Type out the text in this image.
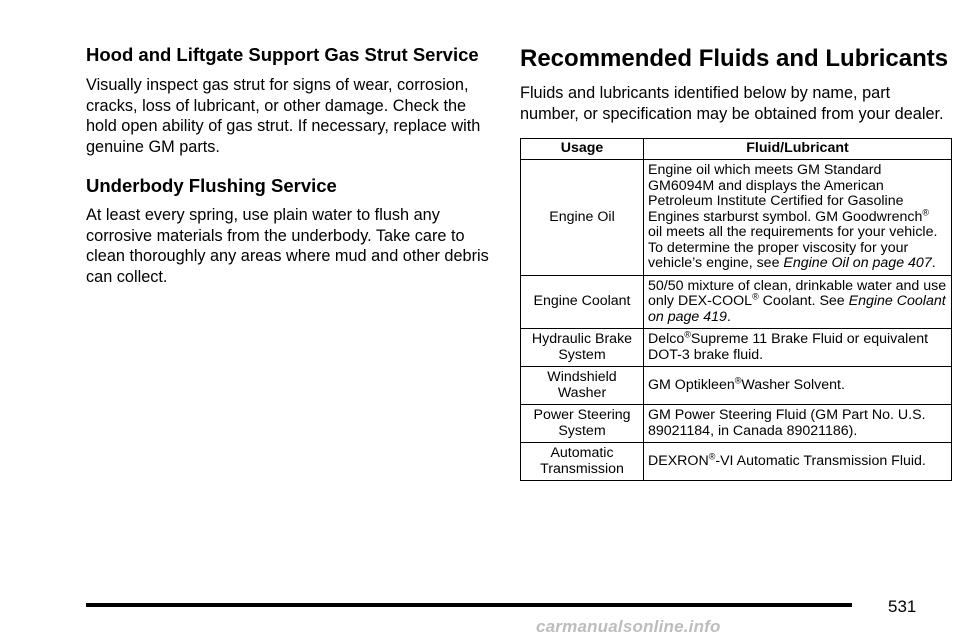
Hood and Liftgate Support Gas Strut Service

Visually inspect gas strut for signs of wear, corrosion, cracks, loss of lubricant, or other damage. Check the hold open ability of gas strut. If necessary, replace with genuine GM parts.

Underbody Flushing Service

At least every spring, use plain water to flush any corrosive materials from the underbody. Take care to clean thoroughly any areas where mud and other debris can collect.

Recommended Fluids and Lubricants

Fluids and lubricants identified below by name, part number, or specification may be obtained from your dealer.

Usage	Fluid/Lubricant
Engine Oil	Engine oil which meets GM Standard GM6094M and displays the American Petroleum Institute Certified for Gasoline Engines starburst symbol. GM Goodwrench® oil meets all the requirements for your vehicle. To determine the proper viscosity for your vehicle’s engine, see Engine Oil on page 407.
Engine Coolant	50/50 mixture of clean, drinkable water and use only DEX-COOL® Coolant. See Engine Coolant on page 419.
Hydraulic Brake System	Delco®Supreme 11 Brake Fluid or equivalent DOT-3 brake fluid.
Windshield Washer	GM Optikleen®Washer Solvent.
Power Steering System	GM Power Steering Fluid (GM Part No. U.S. 89021184, in Canada 89021186).
Automatic Transmission	DEXRON®-VI Automatic Transmission Fluid.
531
carmanualsonline.info
